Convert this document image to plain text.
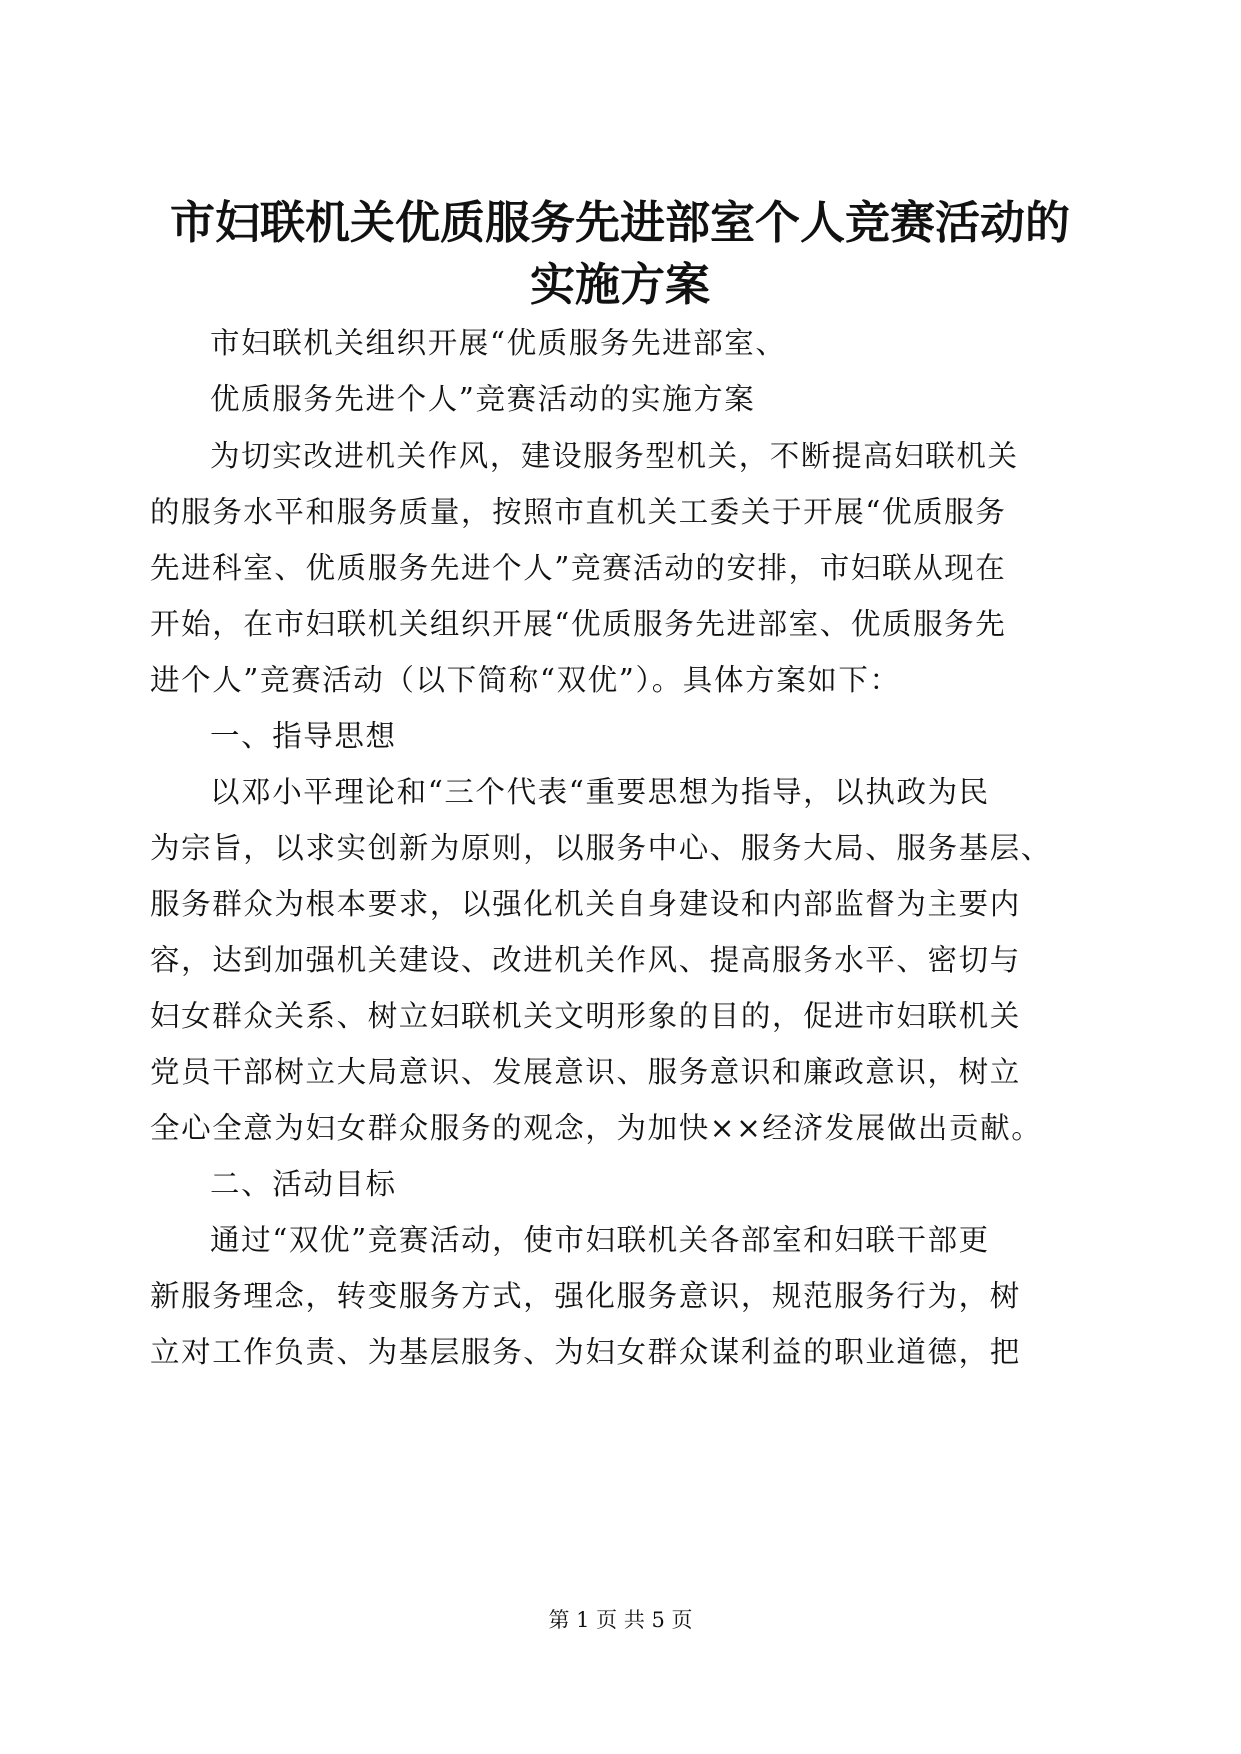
市妇联机关优质服务先进部室个人竞赛活动的
实施方案
市妇联机关组织开展“优质服务先进部室、
优质服务先进个人”竞赛活动的实施方案
为切实改进机关作风，建设服务型机关，不断提高妇联机关
的服务水平和服务质量，按照市直机关工委关于开展“优质服务
先进科室、优质服务先进个人”竞赛活动的安排，市妇联从现在
开始，在市妇联机关组织开展“优质服务先进部室、优质服务先
进个人”竞赛活动（以下简称“双优”）。具体方案如下：
一、指导思想
以邓小平理论和“三个代表“重要思想为指导，以执政为民
为宗旨，以求实创新为原则，以服务中心、服务大局、服务基层、
服务群众为根本要求，以强化机关自身建设和内部监督为主要内
容，达到加强机关建设、改进机关作风、提高服务水平、密切与
妇女群众关系、树立妇联机关文明形象的目的，促进市妇联机关
党员干部树立大局意识、发展意识、服务意识和廉政意识，树立
全心全意为妇女群众服务的观念，为加快××经济发展做出贡献。
二、活动目标
通过“双优”竞赛活动，使市妇联机关各部室和妇联干部更
新服务理念，转变服务方式，强化服务意识，规范服务行为，树
立对工作负责、为基层服务、为妇女群众谋利益的职业道德，把
第 1 页 共 5 页
